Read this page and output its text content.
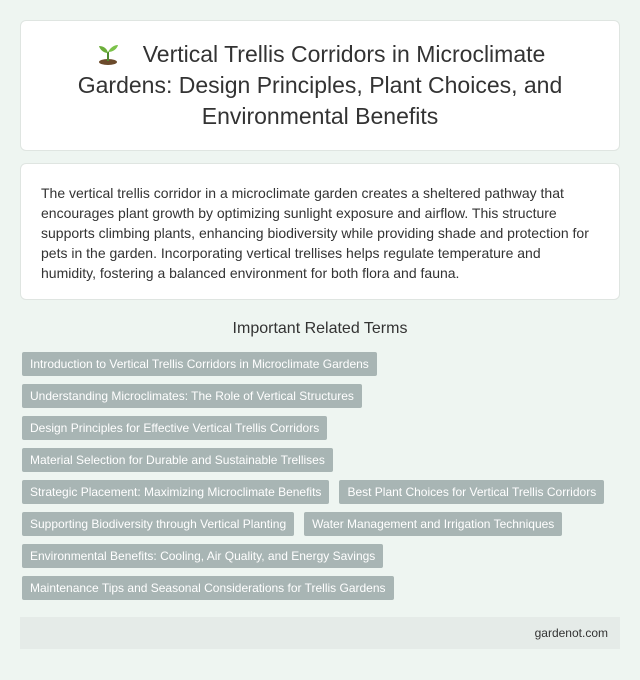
Vertical Trellis Corridors in Microclimate Gardens: Design Principles, Plant Choices, and Environmental Benefits

The vertical trellis corridor in a microclimate garden creates a sheltered pathway that encourages plant growth by optimizing sunlight exposure and airflow. This structure supports climbing plants, enhancing biodiversity while providing shade and protection for pets in the garden. Incorporating vertical trellises helps regulate temperature and humidity, fostering a balanced environment for both flora and fauna.

Important Related Terms
Introduction to Vertical Trellis Corridors in Microclimate Gardens
Understanding Microclimates: The Role of Vertical Structures
Design Principles for Effective Vertical Trellis Corridors
Material Selection for Durable and Sustainable Trellises
Strategic Placement: Maximizing Microclimate Benefits	Best Plant Choices for Vertical Trellis Corridors
Supporting Biodiversity through Vertical Planting	Water Management and Irrigation Techniques
Environmental Benefits: Cooling, Air Quality, and Energy Savings
Maintenance Tips and Seasonal Considerations for Trellis Gardens
gardenot.com
